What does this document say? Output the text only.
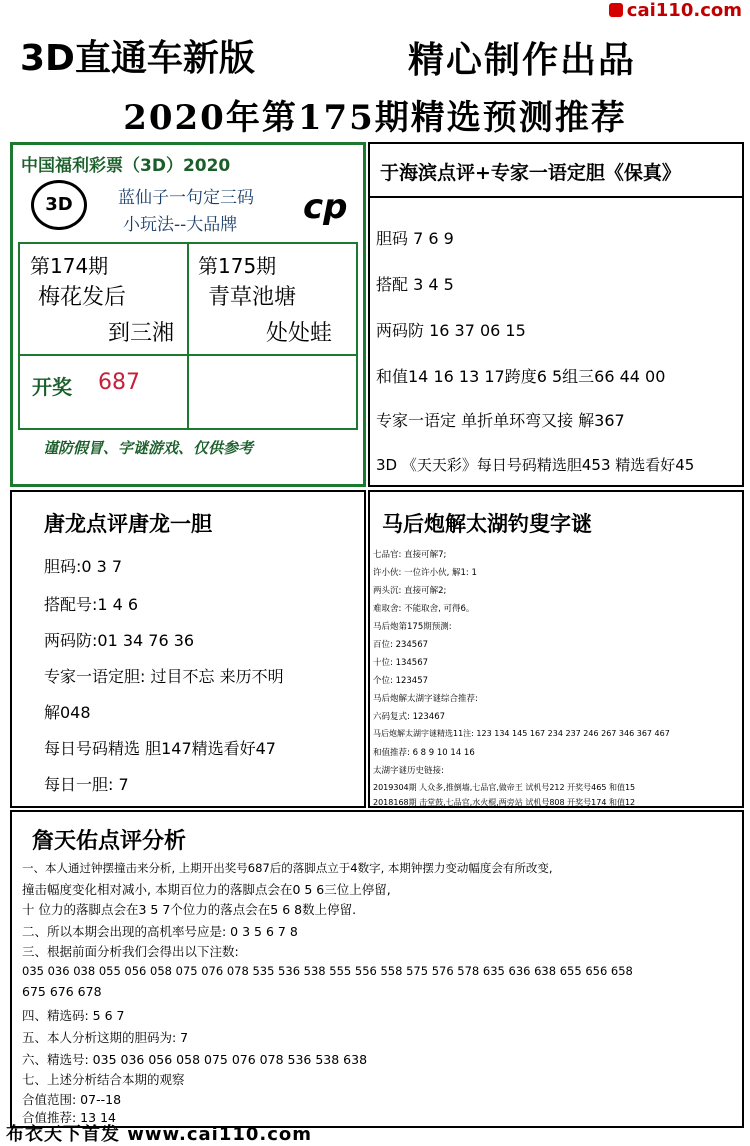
cai110.com
3D直通车新版	精心制作出品
2020年第175期精选预测推荐
中国福利彩票（3D）2020
3D	蓝仙子一句定三码
小玩法--大品牌 cp
第174期
梅花发后
到三湘
第175期
青草池塘
处处蛙
开奖 687
谨防假冒、字谜游戏、仅供参考
于海滨点评+专家一语定胆《保真》
胆码 7 6 9
搭配 3 4 5
两码防 16 37 06 15
和值14 16 13 17跨度6 5组三66 44 00
专家一语定 单折单环弯又接 解367
3D 《天天彩》每日号码精选胆453 精选看好45
唐龙点评唐龙一胆
胆码:0 3 7
搭配号:1 4 6
两码防:01 34 76 36
专家一语定胆: 过目不忘 来历不明
解048
每日号码精选 胆147精选看好47
每日一胆: 7
马后炮解太湖钓叟字谜
七品官: 直接可解7;
许小伙: 一位许小伙, 解1: 1
两头沉: 直接可解2;
难取舍: 不能取舍, 可得6。
马后炮第175期预测:
百位: 234567
十位: 134567
个位: 123457
马后炮解太湖字谜综合推荐:
六码复式: 123467
马后炮解太湖字谜精选11注: 123 134 145 167 234 237 246 267 346 367 467
和值推荐: 6 8 9 10 14 16
太湖字谜历史链接:
2019304期 人众多,推倒墙,七品官,做帝王 试机号212 开奖号465 和值15
2018168期 击堂鼓,七品官,水火棍,两旁站 试机号808 开奖号174 和值12
詹天佑点评分析
一、本人通过钟摆撞击来分析, 上期开出奖号687后的落脚点立于4数字, 本期钟摆力变动幅度会有所改变,
撞击幅度变化相对减小, 本期百位力的落脚点会在0 5 6三位上停留,
十 位力的落脚点会在3 5 7个位力的落点会在5 6 8数上停留.
二、所以本期会出现的高机率号应是: 0 3 5 6 7 8
三、根据前面分析我们会得出以下注数:
035 036 038 055 056 058 075 076 078 535 536 538 555 556 558 575 576 578 635 636 638 655 656 658
675 676 678
四、精选码: 5 6 7
五、本人分析这期的胆码为: 7
六、精选号: 035 036 056 058 075 076 078 536 538 638
七、上述分析结合本期的观察
合值范围: 07--18
合值推荐: 13 14
布衣天下首发 www.cai110.com
